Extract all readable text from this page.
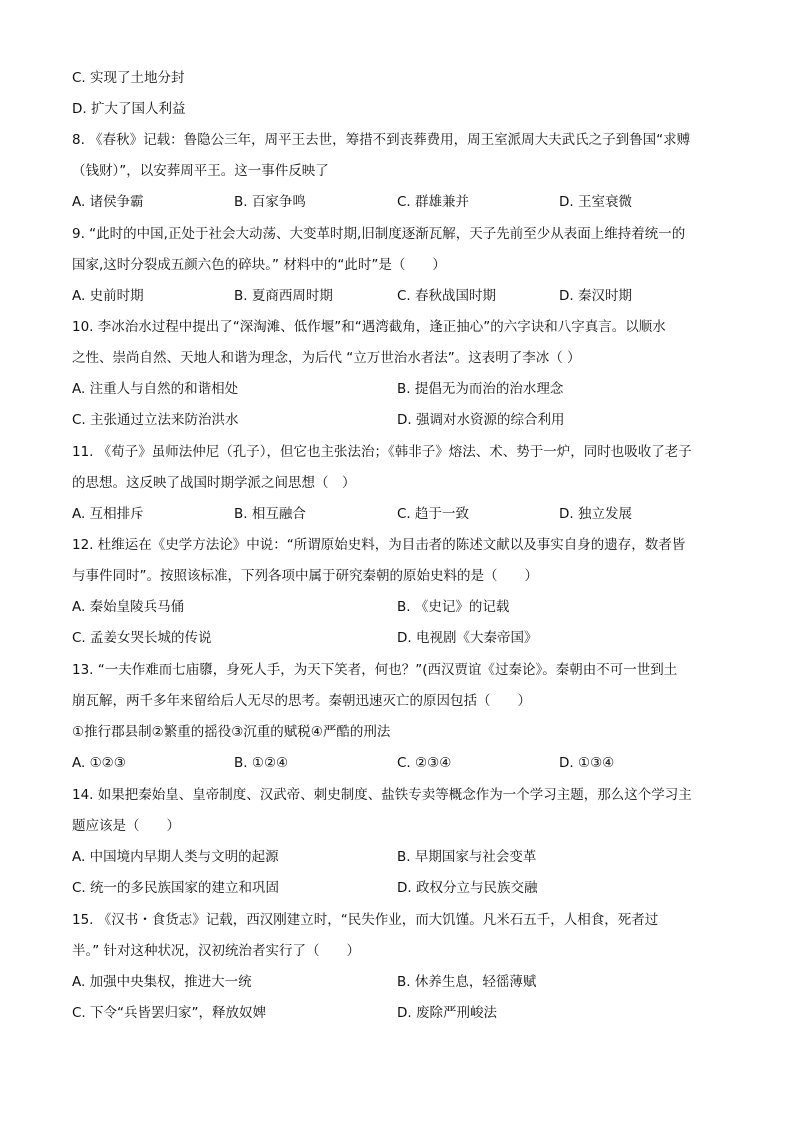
C. 实现了土地分封
D. 扩大了国人利益
8. 《春秋》记载：鲁隐公三年，周平王去世，筹措不到丧葬费用，周王室派周大夫武氏之子到鲁国“求赙
（钱财）”，以安葬周平王。这一事件反映了
A. 诸侯争霸	B. 百家争鸣	C. 群雄兼并	D. 王室衰微
9. “此时的中国,正处于社会大动荡、大变革时期,旧制度逐渐瓦解，天子先前至少从表面上维持着统一的
国家,这时分裂成五颜六色的碎块。” 材料中的“此时”是（　　）
A. 史前时期	B. 夏商西周时期	C. 春秋战国时期	D. 秦汉时期
10. 李冰治水过程中提出了“深淘滩、低作堰”和“遇湾截角，逢正抽心”的六字诀和八字真言。以顺水
之性、崇尚自然、天地人和谐为理念，为后代 “立万世治水者法”。这表明了李冰（ ）
A. 注重人与自然的和谐相处	B. 提倡无为而治的治水理念
C. 主张通过立法来防治洪水	D. 强调对水资源的综合利用
11. 《荀子》虽师法仲尼（孔子），但它也主张法治；《韩非子》熔法、术、势于一炉，同时也吸收了老子
的思想。这反映了战国时期学派之间思想（　）
A. 互相排斥	B. 相互融合	C. 趋于一致	D. 独立发展
12. 杜维运在《史学方法论》中说：“所谓原始史料，为目击者的陈述文献以及事实自身的遗存，数者皆
与事件同时”。按照该标准，下列各项中属于研究秦朝的原始史料的是（　　）
A. 秦始皇陵兵马俑	B. 《史记》的记载
C. 孟姜女哭长城的传说	D. 电视剧《大秦帝国》
13. “一夫作难而七庙隳，身死人手，为天下笑者，何也？”(西汉贾谊《过秦论》。秦朝由不可一世到土
崩瓦解，两千多年来留给后人无尽的思考。秦朝迅速灭亡的原因包括（　　）
①推行郡县制②繁重的摇役③沉重的赋税④严酷的刑法
A. ①②③	B. ①②④	C. ②③④	D. ①③④
14. 如果把秦始皇、皇帝制度、汉武帝、刺史制度、盐铁专卖等概念作为一个学习主题，那么这个学习主
题应该是（　　）
A. 中国境内早期人类与文明的起源	B. 早期国家与社会变革
C. 统一的多民族国家的建立和巩固	D. 政权分立与民族交融
15. 《汉书・食货志》记载，西汉刚建立时，“民失作业，而大饥馑。凡米石五千，人相食，死者过
半。” 针对这种状况，汉初统治者实行了（　　）
A. 加强中央集权，推进大一统	B. 休养生息，轻徭薄赋
C. 下令“兵皆罢归家”，释放奴婢	D. 废除严刑峻法
